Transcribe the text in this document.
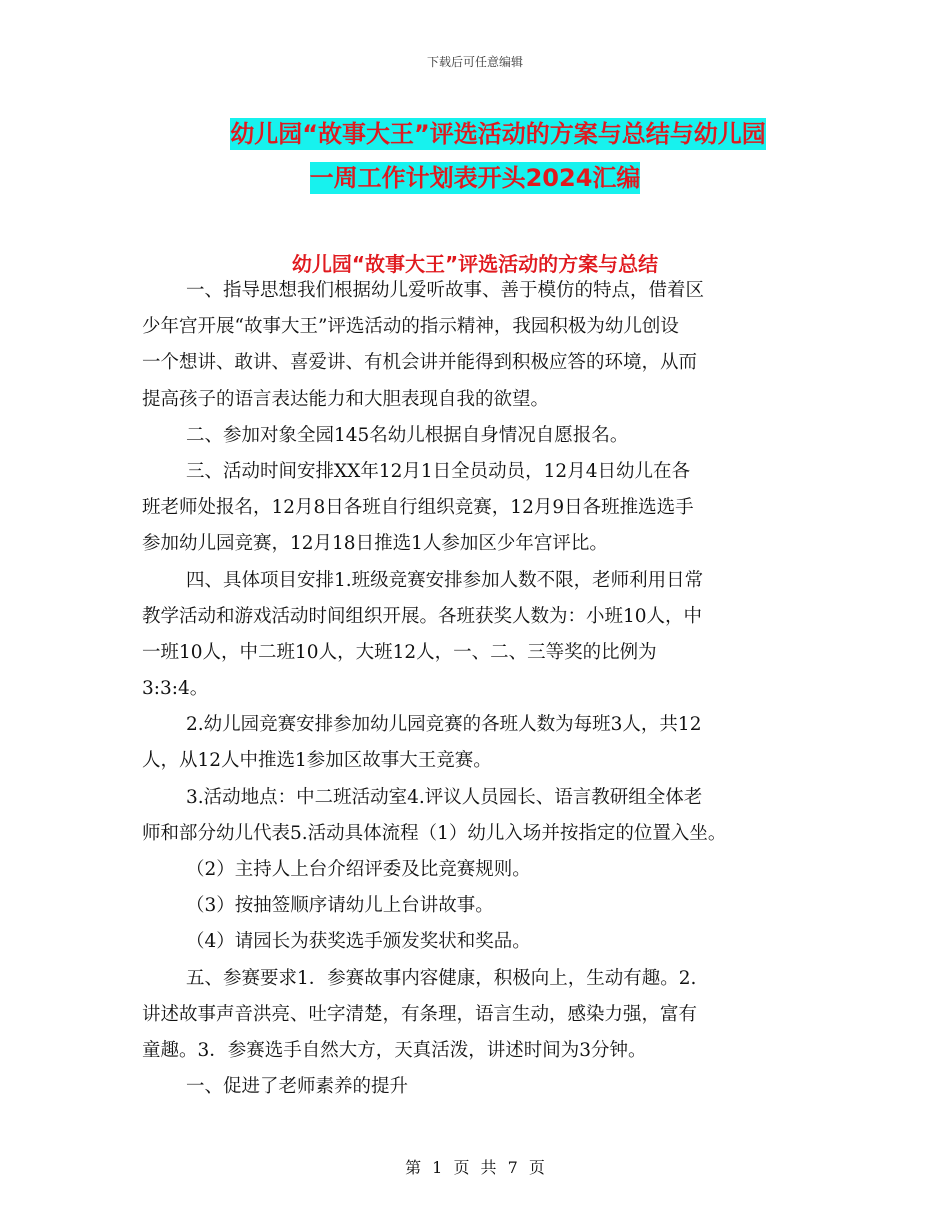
下载后可任意编辑
幼儿园“故事大王”评选活动的方案与总结与幼儿园
一周工作计划表开头2024汇编
幼儿园“故事大王”评选活动的方案与总结
一、指导思想我们根据幼儿爱听故事、善于模仿的特点，借着区
少年宫开展“故事大王”评选活动的指示精神，我园积极为幼儿创设
一个想讲、敢讲、喜爱讲、有机会讲并能得到积极应答的环境，从而
提高孩子的语言表达能力和大胆表现自我的欲望。
二、参加对象全园145名幼儿根据自身情况自愿报名。
三、活动时间安排XX年12月1日全员动员，12月4日幼儿在各
班老师处报名，12月8日各班自行组织竞赛，12月9日各班推选选手
参加幼儿园竞赛，12月18日推选1人参加区少年宫评比。
四、具体项目安排1.班级竞赛安排参加人数不限，老师利用日常
教学活动和游戏活动时间组织开展。各班获奖人数为：小班10人，中
一班10人，中二班10人，大班12人，一、二、三等奖的比例为
3:3:4。
2.幼儿园竞赛安排参加幼儿园竞赛的各班人数为每班3人，共12
人，从12人中推选1参加区故事大王竞赛。
3.活动地点：中二班活动室4.评议人员园长、语言教研组全体老
师和部分幼儿代表5.活动具体流程（1）幼儿入场并按指定的位置入坐。
（2）主持人上台介绍评委及比竞赛规则。
（3）按抽签顺序请幼儿上台讲故事。
（4）请园长为获奖选手颁发奖状和奖品。
五、参赛要求1．参赛故事内容健康，积极向上，生动有趣。2.
讲述故事声音洪亮、吐字清楚，有条理，语言生动，感染力强，富有
童趣。3．参赛选手自然大方，天真活泼，讲述时间为3分钟。
一、促进了老师素养的提升
第 1 页 共 7 页
